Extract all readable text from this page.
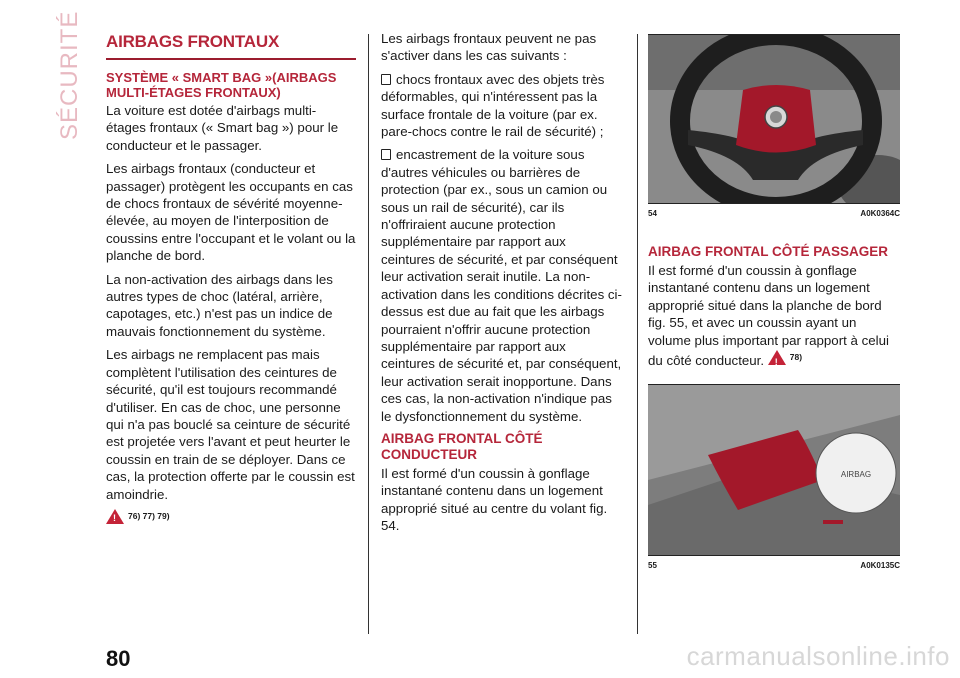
SÉCURITÉ AIRBAGS FRONTAUX
SYSTÈME « SMART BAG »(AIRBAGS MULTI-ÉTAGES FRONTAUX)

La voiture est dotée d'airbags multi-étages frontaux (« Smart bag ») pour le conducteur et le passager.

Les airbags frontaux (conducteur et passager) protègent les occupants en cas de chocs frontaux de sévérité moyenne-élevée, au moyen de l'interposition de coussins entre l'occupant et le volant ou la planche de bord.

La non-activation des airbags dans les autres types de choc (latéral, arrière, capotages, etc.) n'est pas un indice de mauvais fonctionnement du système.

Les airbags ne remplacent pas mais complètent l'utilisation des ceintures de sécurité, qu'il est toujours recommandé d'utiliser. En cas de choc, une personne qui n'a pas bouclé sa ceinture de sécurité est projetée vers l'avant et peut heurter le coussin en train de se déployer. Dans ce cas, la protection offerte par le coussin est amoindrie.

! 76) 77) 79)

Les airbags frontaux peuvent ne pas s'activer dans les cas suivants :

chocs frontaux avec des objets très déformables, qui n'intéressent pas la surface frontale de la voiture (par ex. pare-chocs contre le rail de sécurité) ;

encastrement de la voiture sous d'autres véhicules ou barrières de protection (par ex., sous un camion ou sous un rail de sécurité), car ils n'offriraient aucune protection supplémentaire par rapport aux ceintures de sécurité, et par conséquent leur activation serait inutile. La non-activation dans les conditions décrites ci-dessus est due au fait que les airbags pourraient n'offrir aucune protection supplémentaire par rapport aux ceintures de sécurité et, par conséquent, leur activation serait inopportune. Dans ces cas, la non-activation n'indique pas le dysfonctionnement du système.

AIRBAG FRONTAL CÔTÉ CONDUCTEUR

Il est formé d'un coussin à gonflage instantané contenu dans un logement approprié situé au centre du volant fig. 54.

54	A0K0364C
AIRBAG FRONTAL CÔTÉ PASSAGER

Il est formé d'un coussin à gonflage instantané contenu dans un logement approprié situé dans la planche de bord fig. 55, et avec un coussin ayant un volume plus important par rapport à celui du côté conducteur. !
78)

AIRBAG
55	A0K0135C
80	carmanualsonline.info
